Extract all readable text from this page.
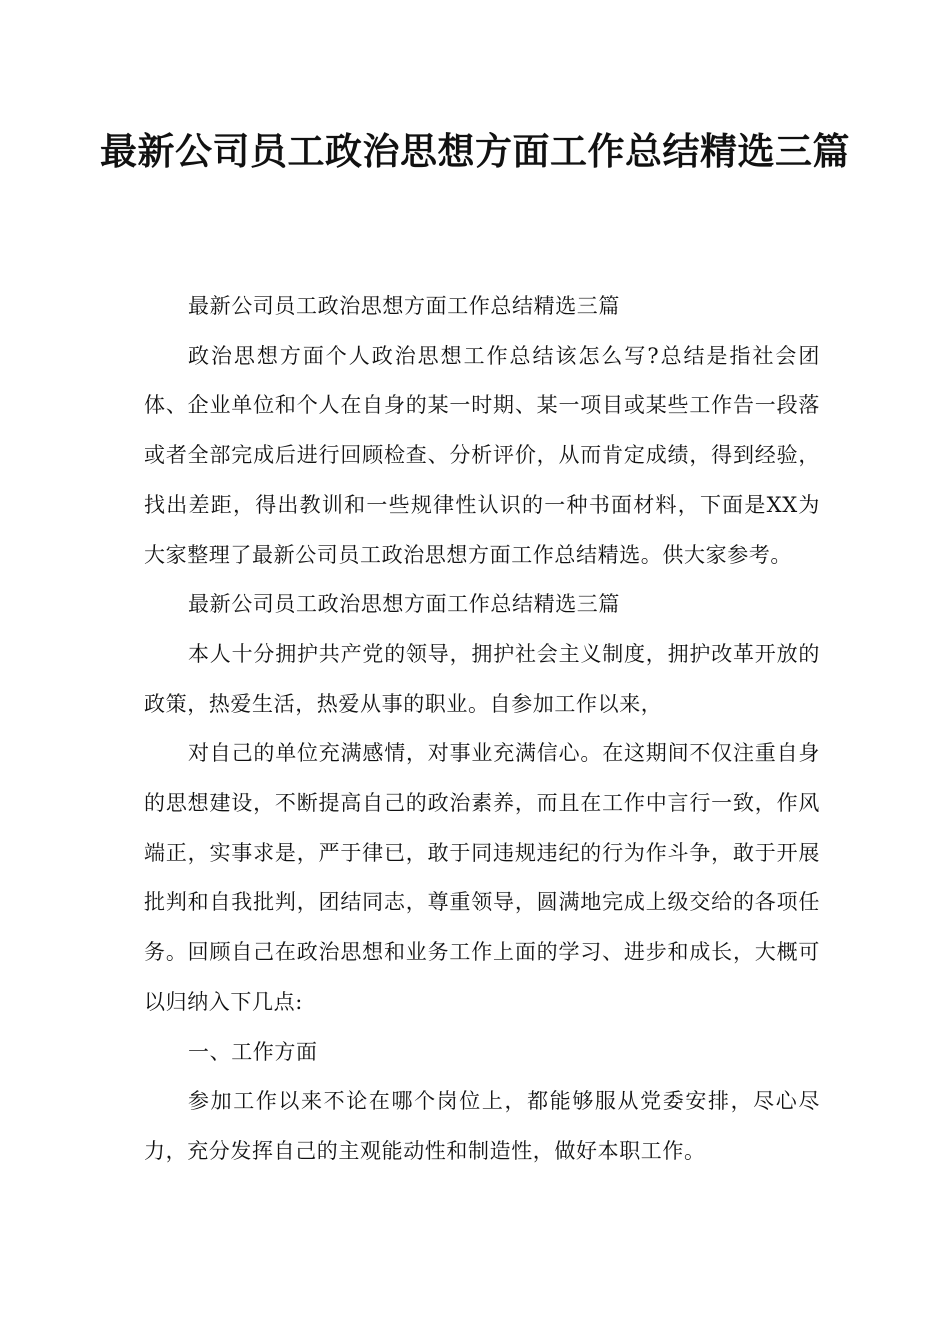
最新公司员工政治思想方面工作总结精选三篇

最新公司员工政治思想方面工作总结精选三篇

政治思想方面个人政治思想工作总结该怎么写?总结是指社会团体、企业单位和个人在自身的某一时期、某一项目或某些工作告一段落或者全部完成后进行回顾检查、分析评价，从而肯定成绩，得到经验，找出差距，得出教训和一些规律性认识的一种书面材料，下面是XX为大家整理了最新公司员工政治思想方面工作总结精选。供大家参考。

最新公司员工政治思想方面工作总结精选三篇

本人十分拥护共产党的领导，拥护社会主义制度，拥护改革开放的政策，热爱生活，热爱从事的职业。自参加工作以来，

对自己的单位充满感情，对事业充满信心。在这期间不仅注重自身的思想建设，不断提高自己的政治素养，而且在工作中言行一致，作风端正，实事求是，严于律已，敢于同违规违纪的行为作斗争，敢于开展批判和自我批判，团结同志，尊重领导，圆满地完成上级交给的各项任务。回顾自己在政治思想和业务工作上面的学习、进步和成长，大概可以归纳入下几点:

一、工作方面

参加工作以来不论在哪个岗位上，都能够服从党委安排，尽心尽力，充分发挥自己的主观能动性和制造性，做好本职工作。
